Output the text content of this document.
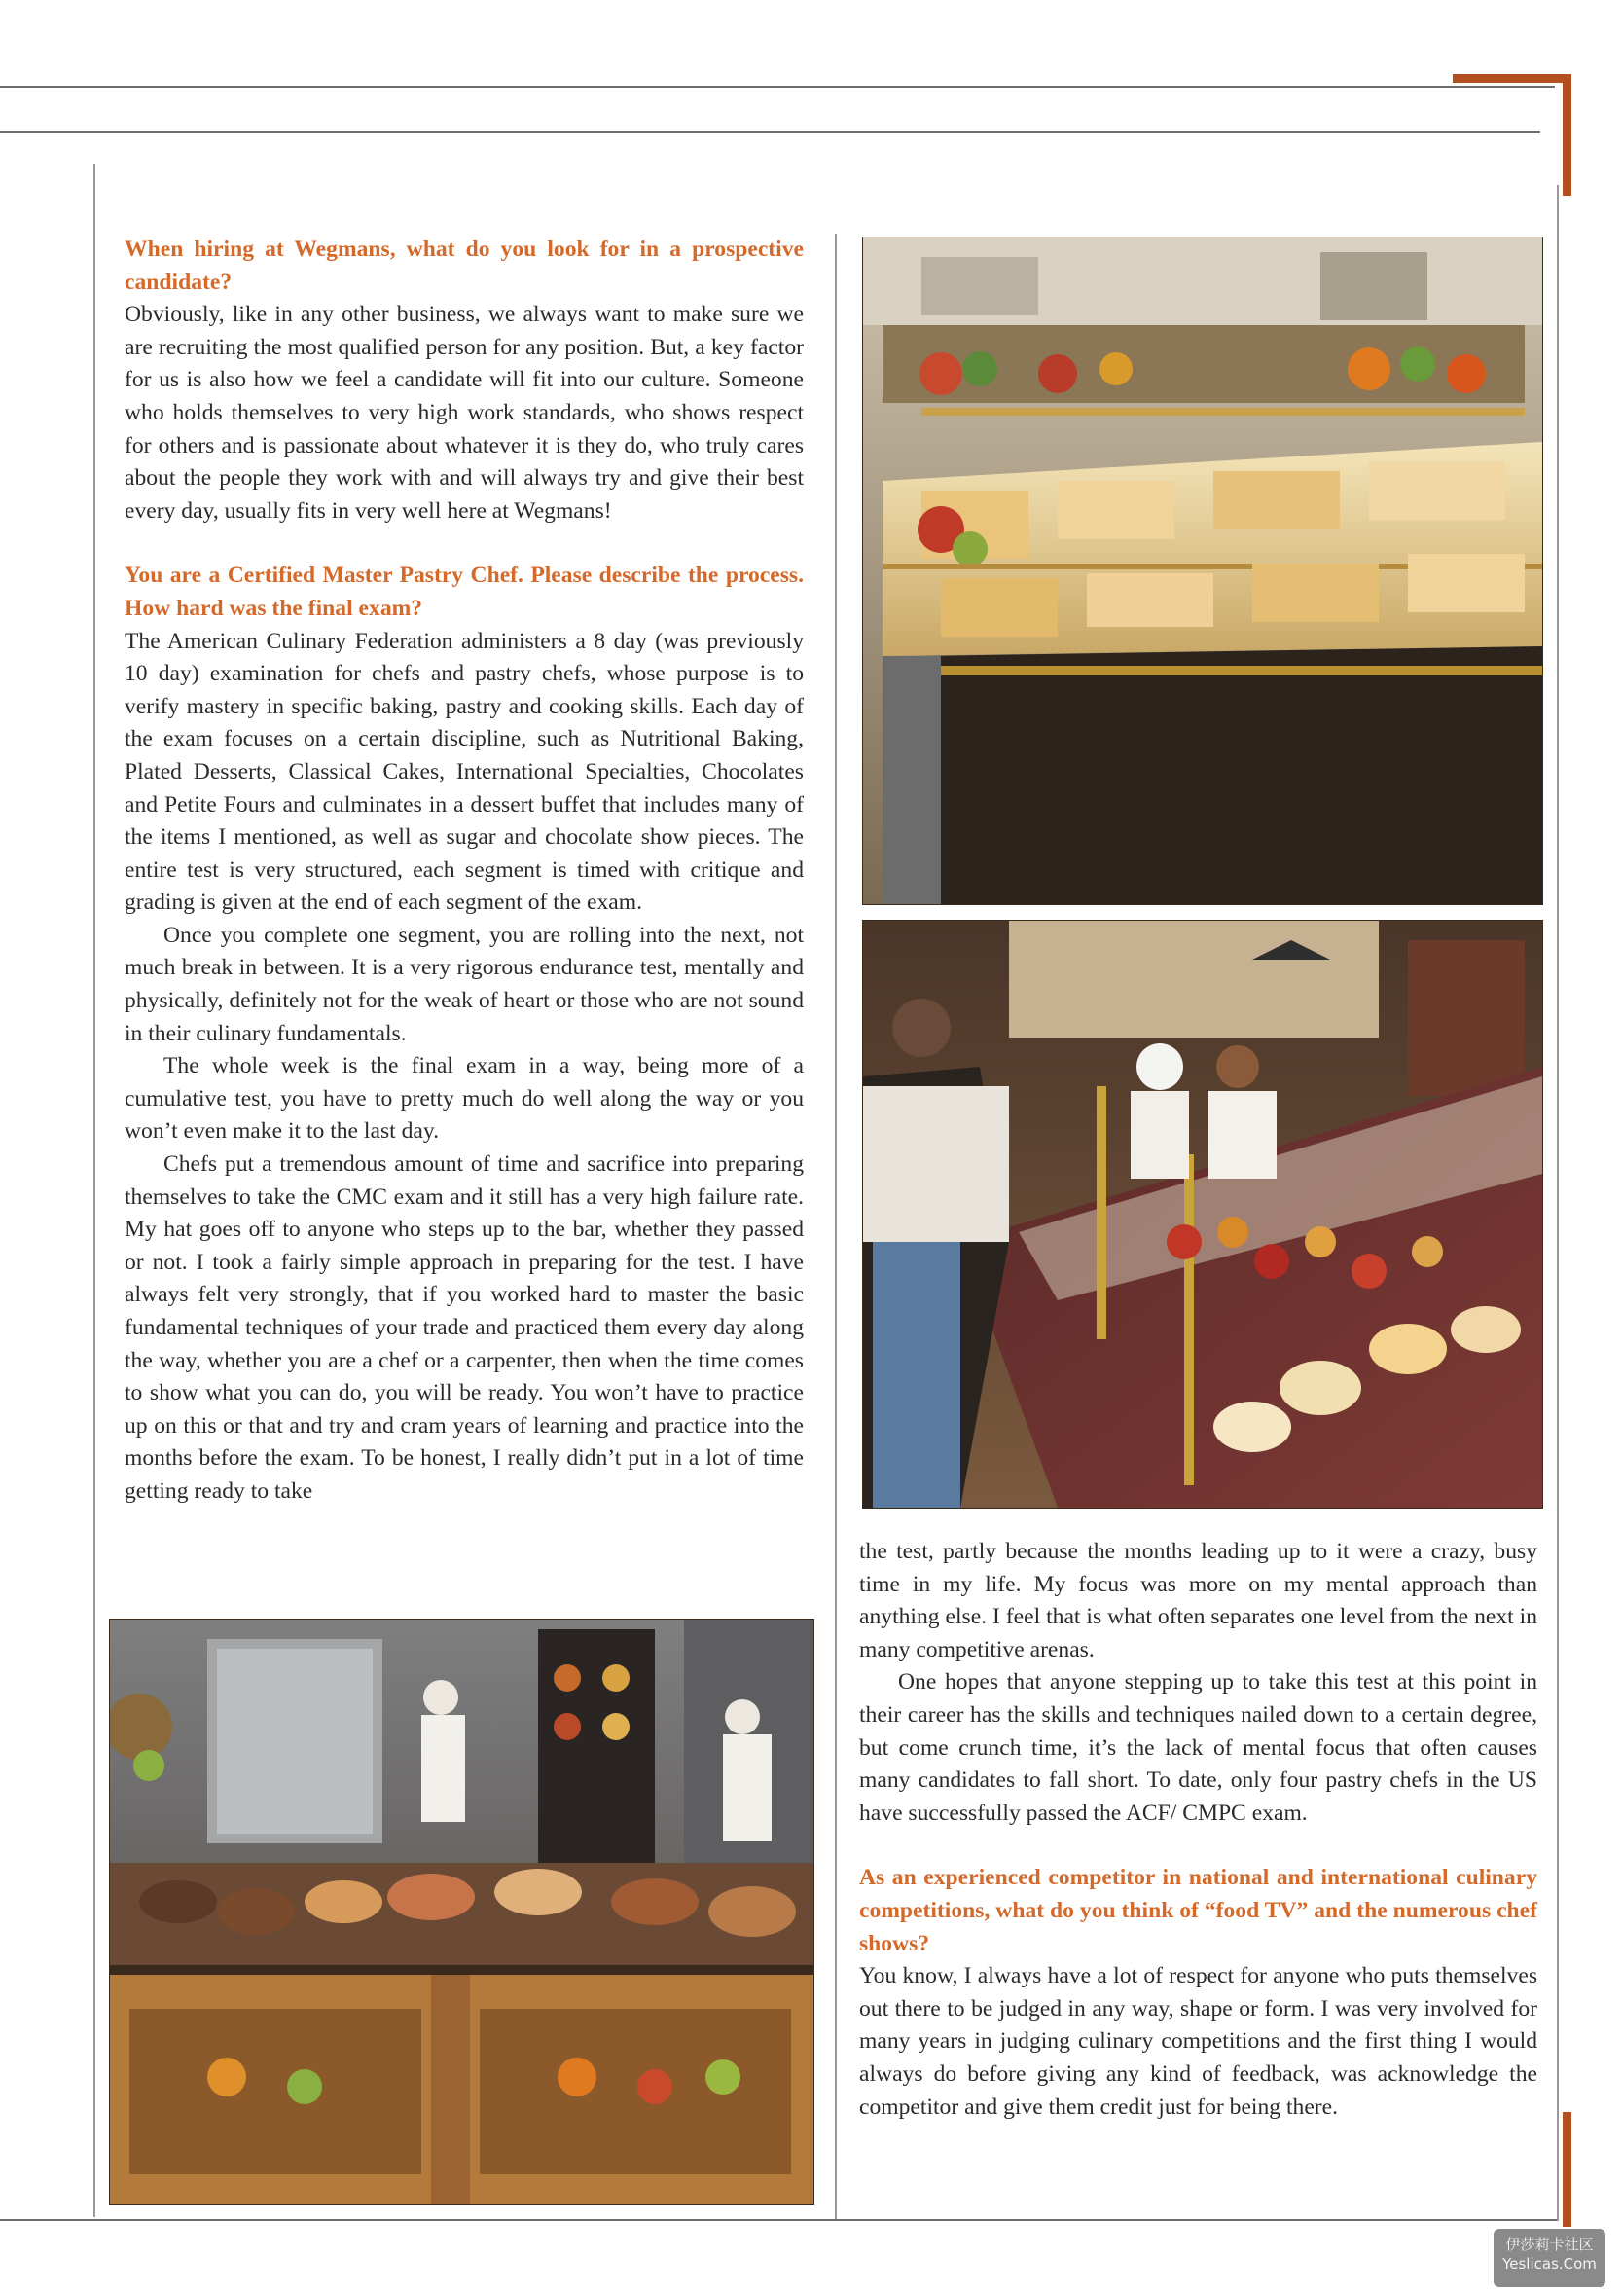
When hiring at Wegmans, what do you look for in a prospective candidate?

Obviously, like in any other business, we always want to make sure we are recruiting the most qualified person for any position. But, a key factor for us is also how we feel a candidate will fit into our culture. Someone who holds themselves to very high work standards, who shows respect for others and is passionate about whatever it is they do, who truly cares about the people they work with and will always try and give their best every day, usually fits in very well here at Wegmans!

You are a Certified Master Pastry Chef. Please describe the process. How hard was the final exam?

The American Culinary Federation administers a 8 day (was previously 10 day) examination for chefs and pastry chefs, whose purpose is to verify mastery in specific baking, pastry and cooking skills. Each day of the exam focuses on a certain discipline, such as Nutritional Baking, Plated Desserts, Classical Cakes, International Specialties, Chocolates and Petite Fours and culminates in a dessert buffet that includes many of the items I mentioned, as well as sugar and chocolate show pieces. The entire test is very structured, each segment is timed with critique and grading is given at the end of each segment of the exam.

Once you complete one segment, you are rolling into the next, not much break in between. It is a very rigorous endurance test, mentally and physically, definitely not for the weak of heart or those who are not sound in their culinary fundamentals.

The whole week is the final exam in a way, being more of a cumulative test, you have to pretty much do well along the way or you won’t even make it to the last day.

Chefs put a tremendous amount of time and sacrifice into preparing themselves to take the CMC exam and it still has a very high failure rate. My hat goes off to anyone who steps up to the bar, whether they passed or not. I took a fairly simple approach in preparing for the test. I have always felt very strongly, that if you worked hard to master the basic fundamental techniques of your trade and practiced them every day along the way, whether you are a chef or a carpenter, then when the time comes to show what you can do, you will be ready. You won’t have to practice up on this or that and try and cram years of learning and practice into the months before the exam. To be honest, I really didn’t put in a lot of time getting ready to take

the test, partly because the months leading up to it were a crazy, busy time in my life. My focus was more on my mental approach than anything else. I feel that is what often separates one level from the next in many competitive arenas.

One hopes that anyone stepping up to take this test at this point in their career has the skills and techniques nailed down to a certain degree, but come crunch time, it’s the lack of mental focus that often causes many candidates to fall short. To date, only four pastry chefs in the US have successfully passed the ACF/ CMPC exam.

As an experienced competitor in national and international culinary competitions, what do you think of “food TV” and the numerous chef shows?

You know, I always have a lot of respect for anyone who puts themselves out there to be judged in any way, shape or form. I was very involved for many years in judging culinary competitions and the first thing I would always do before giving any kind of feedback, was acknowledge the competitor and give them credit just for being there.

伊莎莉卡社区
Yeslicas.Com
